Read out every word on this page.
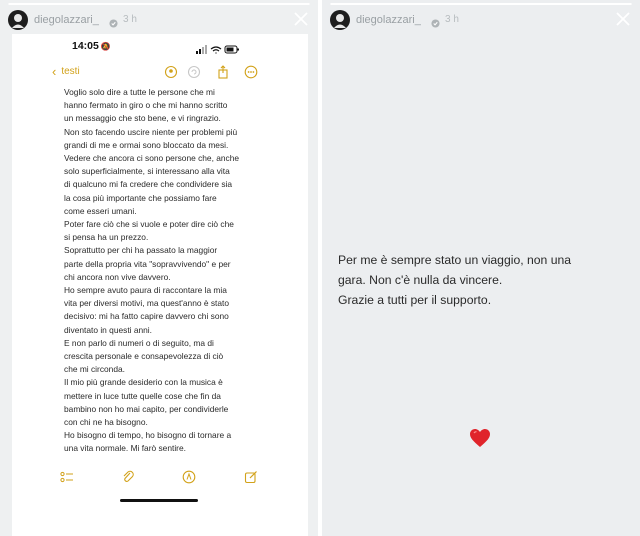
diegolazzari_ 3 h
14:05 🔕
‹ testi

Voglio solo dire a tutte le persone che mi
hanno fermato in giro o che mi hanno scritto
un messaggio che sto bene, e vi ringrazio.
Non sto facendo uscire niente per problemi più
grandi di me e ormai sono bloccato da mesi.
Vedere che ancora ci sono persone che, anche
solo superficialmente, si interessano alla vita
di qualcuno mi fa credere che condividere sia
la cosa più importante che possiamo fare
come esseri umani.
Poter fare ciò che si vuole e poter dire ciò che
si pensa ha un prezzo.
Soprattutto per chi ha passato la maggior
parte della propria vita "sopravvivendo" e per
chi ancora non vive davvero.
Ho sempre avuto paura di raccontare la mia
vita per diversi motivi, ma quest'anno è stato
decisivo: mi ha fatto capire davvero chi sono
diventato in questi anni.
E non parlo di numeri o di seguito, ma di
crescita personale e consapevolezza di ciò
che mi circonda.
Il mio più grande desiderio con la musica è
mettere in luce tutte quelle cose che fin da
bambino non ho mai capito, per condividerle
con chi ne ha bisogno.
Ho bisogno di tempo, ho bisogno di tornare a
una vita normale. Mi farò sentire.

diegolazzari_ 3 h
Per me è sempre stato un viaggio, non una
gara. Non c'è nulla da vincere.
Grazie a tutti per il supporto.
